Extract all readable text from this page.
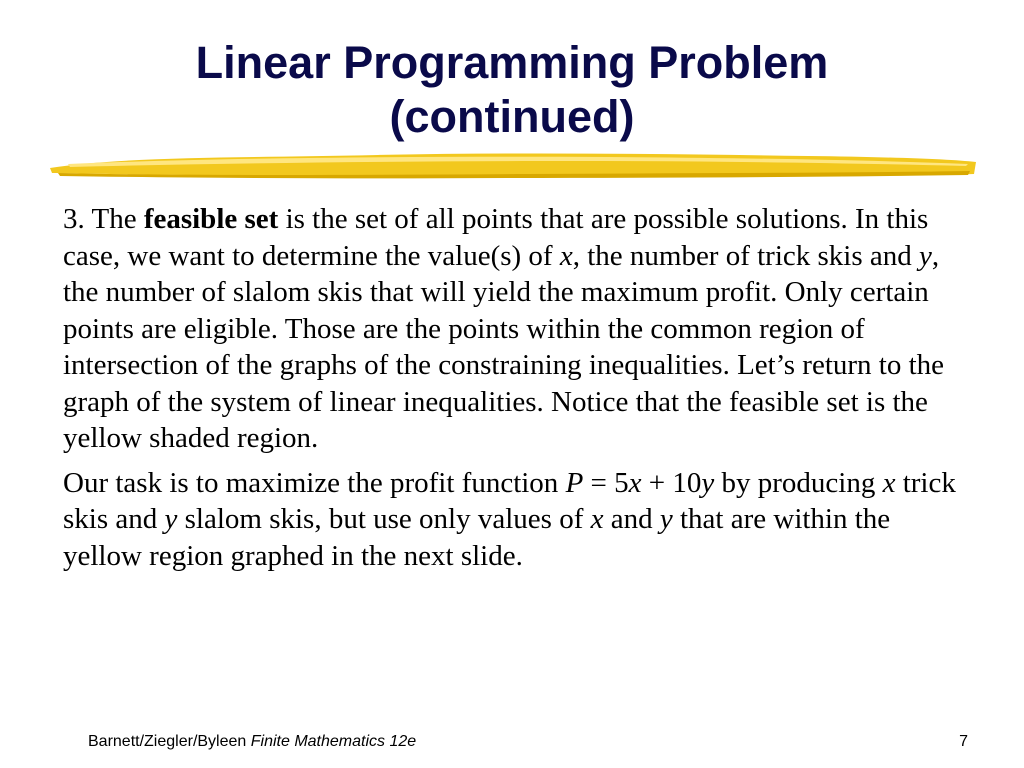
Linear Programming Problem
(continued)

3. The feasible set is the set of all points that are possible solutions. In this case, we want to determine the value(s) of x, the number of trick skis and y, the number of slalom skis that will yield the maximum profit. Only certain points are eligible. Those are the points within the common region of intersection of the graphs of the constraining inequalities. Let’s return to the graph of the system of linear inequalities. Notice that the feasible set is the yellow shaded region.

Our task is to maximize the profit function P = 5x + 10y by producing x trick skis and y slalom skis, but use only values of x and y that are within the yellow region graphed in the next slide.

Barnett/Ziegler/Byleen Finite Mathematics 12e	7
